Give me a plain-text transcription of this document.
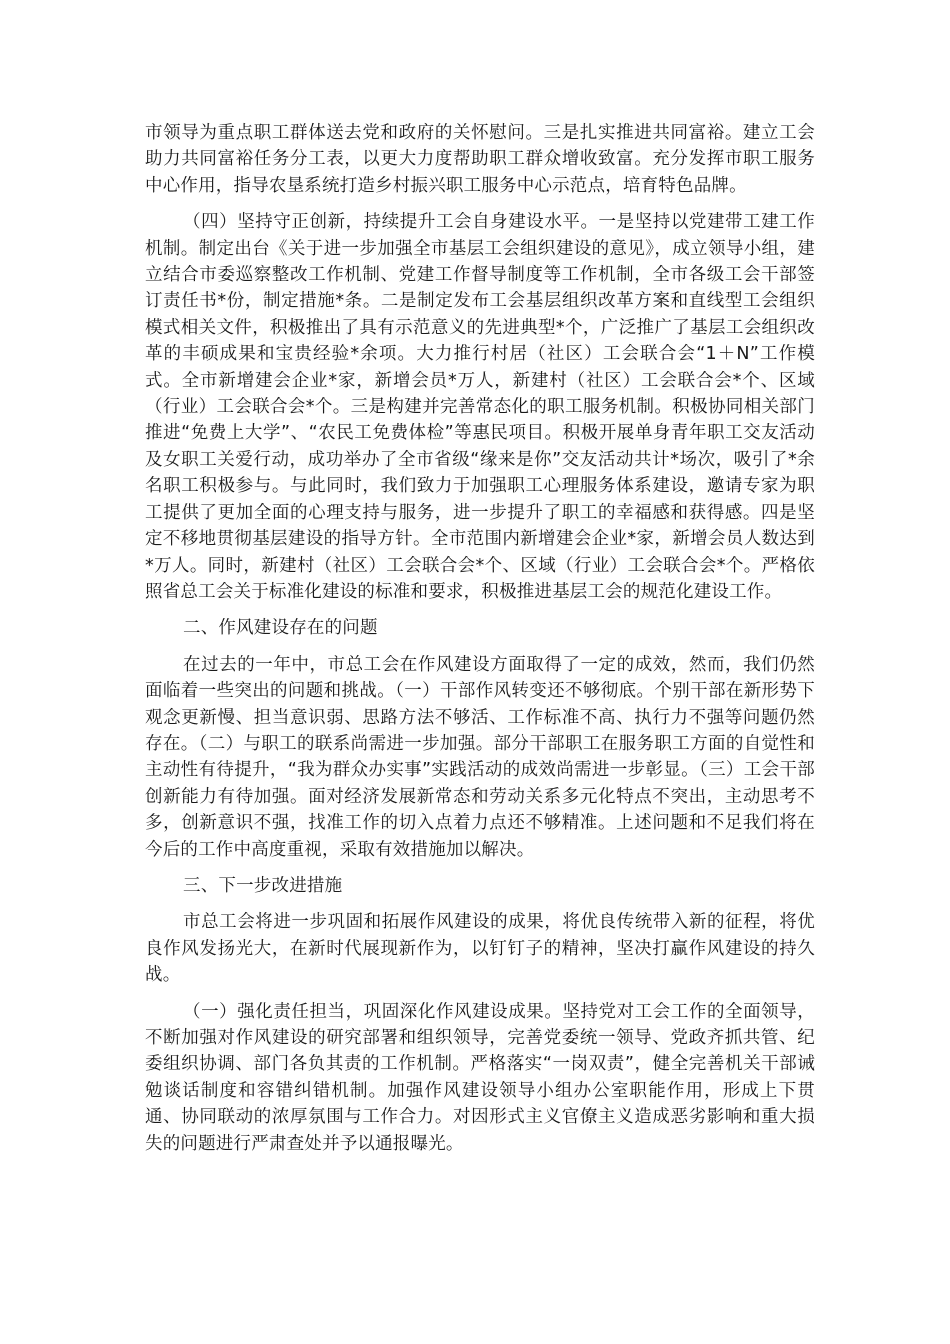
市领导为重点职工群体送去党和政府的关怀慰问。三是扎实推进共同富裕。建立工会助力共同富裕任务分工表，以更大力度帮助职工群众增收致富。充分发挥市职工服务中心作用，指导农垦系统打造乡村振兴职工服务中心示范点，培育特色品牌。

（四）坚持守正创新，持续提升工会自身建设水平。一是坚持以党建带工建工作机制。制定出台《关于进一步加强全市基层工会组织建设的意见》，成立领导小组，建立结合市委巡察整改工作机制、党建工作督导制度等工作机制，全市各级工会干部签订责任书*份，制定措施*条。二是制定发布工会基层组织改革方案和直线型工会组织模式相关文件，积极推出了具有示范意义的先进典型*个，广泛推广了基层工会组织改革的丰硕成果和宝贵经验*余项。大力推行村居（社区）工会联合会“1＋N”工作模式。全市新增建会企业*家，新增会员*万人，新建村（社区）工会联合会*个、区域（行业）工会联合会*个。三是构建并完善常态化的职工服务机制。积极协同相关部门推进“免费上大学”、“农民工免费体检”等惠民项目。积极开展单身青年职工交友活动及女职工关爱行动，成功举办了全市省级“缘来是你”交友活动共计*场次，吸引了*余名职工积极参与。与此同时，我们致力于加强职工心理服务体系建设，邀请专家为职工提供了更加全面的心理支持与服务，进一步提升了职工的幸福感和获得感。四是坚定不移地贯彻基层建设的指导方针。全市范围内新增建会企业*家，新增会员人数达到*万人。同时，新建村（社区）工会联合会*个、区域（行业）工会联合会*个。严格依照省总工会关于标准化建设的标准和要求，积极推进基层工会的规范化建设工作。

二、作风建设存在的问题

在过去的一年中，市总工会在作风建设方面取得了一定的成效，然而，我们仍然面临着一些突出的问题和挑战。（一）干部作风转变还不够彻底。个别干部在新形势下观念更新慢、担当意识弱、思路方法不够活、工作标准不高、执行力不强等问题仍然存在。（二）与职工的联系尚需进一步加强。部分干部职工在服务职工方面的自觉性和主动性有待提升，“我为群众办实事”实践活动的成效尚需进一步彰显。（三）工会干部创新能力有待加强。面对经济发展新常态和劳动关系多元化特点不突出，主动思考不多，创新意识不强，找准工作的切入点着力点还不够精准。上述问题和不足我们将在今后的工作中高度重视，采取有效措施加以解决。

三、下一步改进措施

市总工会将进一步巩固和拓展作风建设的成果，将优良传统带入新的征程，将优良作风发扬光大，在新时代展现新作为，以钉钉子的精神，坚决打赢作风建设的持久战。

（一）强化责任担当，巩固深化作风建设成果。坚持党对工会工作的全面领导，不断加强对作风建设的研究部署和组织领导，完善党委统一领导、党政齐抓共管、纪委组织协调、部门各负其责的工作机制。严格落实“一岗双责”，健全完善机关干部诫勉谈话制度和容错纠错机制。加强作风建设领导小组办公室职能作用，形成上下贯通、协同联动的浓厚氛围与工作合力。对因形式主义官僚主义造成恶劣影响和重大损失的问题进行严肃查处并予以通报曝光。
